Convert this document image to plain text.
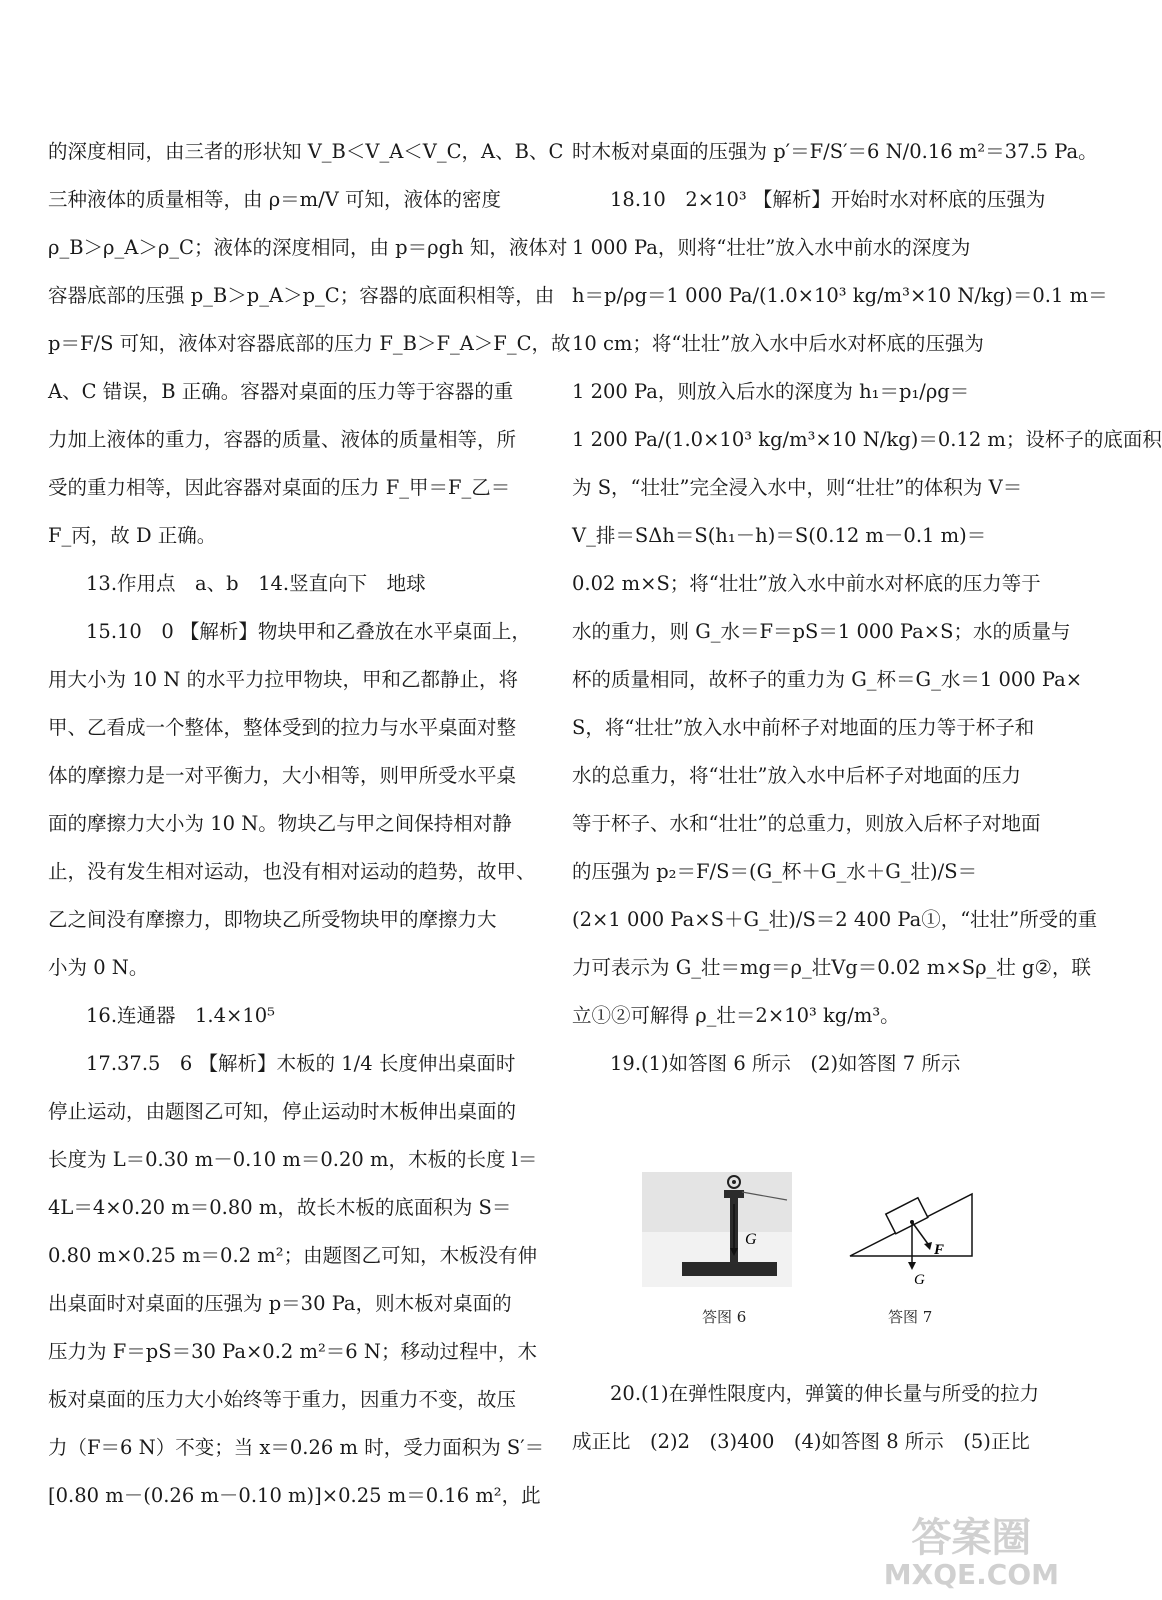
的深度相同，由三者的形状知 V_B＜V_A＜V_C，A、B、C
三种液体的质量相等，由 ρ＝m/V 可知，液体的密度
ρ_B＞ρ_A＞ρ_C；液体的深度相同，由 p＝ρgh 知，液体对
容器底部的压强 p_B＞p_A＞p_C；容器的底面积相等，由
p＝F/S 可知，液体对容器底部的压力 F_B＞F_A＞F_C，故
A、C 错误，B 正确。容器对桌面的压力等于容器的重
力加上液体的重力，容器的质量、液体的质量相等，所
受的重力相等，因此容器对桌面的压力 F_甲＝F_乙＝
F_丙，故 D 正确。
13.作用点　a、b　14.竖直向下　地球
15.10　0 【解析】物块甲和乙叠放在水平桌面上，
用大小为 10 N 的水平力拉甲物块，甲和乙都静止，将
甲、乙看成一个整体，整体受到的拉力与水平桌面对整
体的摩擦力是一对平衡力，大小相等，则甲所受水平桌
面的摩擦力大小为 10 N。物块乙与甲之间保持相对静
止，没有发生相对运动，也没有相对运动的趋势，故甲、
乙之间没有摩擦力，即物块乙所受物块甲的摩擦力大
小为 0 N。
16.连通器　1.4×10⁵
17.37.5　6 【解析】木板的 1/4 长度伸出桌面时
停止运动，由题图乙可知，停止运动时木板伸出桌面的
长度为 L＝0.30 m－0.10 m＝0.20 m，木板的长度 l＝
4L＝4×0.20 m＝0.80 m，故长木板的底面积为 S＝
0.80 m×0.25 m＝0.2 m²；由题图乙可知，木板没有伸
出桌面时对桌面的压强为 p＝30 Pa，则木板对桌面的
压力为 F＝pS＝30 Pa×0.2 m²＝6 N；移动过程中，木
板对桌面的压力大小始终等于重力，因重力不变，故压
力（F＝6 N）不变；当 x＝0.26 m 时，受力面积为 S′＝
[0.80 m－(0.26 m－0.10 m)]×0.25 m＝0.16 m²，此
时木板对桌面的压强为 p′＝F/S′＝6 N/0.16 m²＝37.5 Pa。
18.10　2×10³ 【解析】开始时水对杯底的压强为
1 000 Pa，则将“壮壮”放入水中前水的深度为
h＝p/ρg＝1 000 Pa/(1.0×10³ kg/m³×10 N/kg)＝0.1 m＝
10 cm；将“壮壮”放入水中后水对杯底的压强为
1 200 Pa，则放入后水的深度为 h₁＝p₁/ρg＝
1 200 Pa/(1.0×10³ kg/m³×10 N/kg)＝0.12 m；设杯子的底面积
为 S，“壮壮”完全浸入水中，则“壮壮”的体积为 V＝
V_排＝SΔh＝S(h₁－h)＝S(0.12 m－0.1 m)＝
0.02 m×S；将“壮壮”放入水中前水对杯底的压力等于
水的重力，则 G_水＝F＝pS＝1 000 Pa×S；水的质量与
杯的质量相同，故杯子的重力为 G_杯＝G_水＝1 000 Pa×
S，将“壮壮”放入水中前杯子对地面的压力等于杯子和
水的总重力，将“壮壮”放入水中后杯子对地面的压力
等于杯子、水和“壮壮”的总重力，则放入后杯子对地面
的压强为 p₂＝F/S＝(G_杯＋G_水＋G_壮)/S＝
(2×1 000 Pa×S＋G_壮)/S＝2 400 Pa①，“壮壮”所受的重
力可表示为 G_壮＝mg＝ρ_壮Vg＝0.02 m×Sρ_壮 g②，联
立①②可解得 ρ_壮＝2×10³ kg/m³。
19.(1)如答图 6 所示　(2)如答图 7 所示
G
F
G
答图 6	答图 7
20.(1)在弹性限度内，弹簧的伸长量与所受的拉力
成正比　(2)2　(3)400　(4)如答图 8 所示　(5)正比
答案圈
MXQE.COM
